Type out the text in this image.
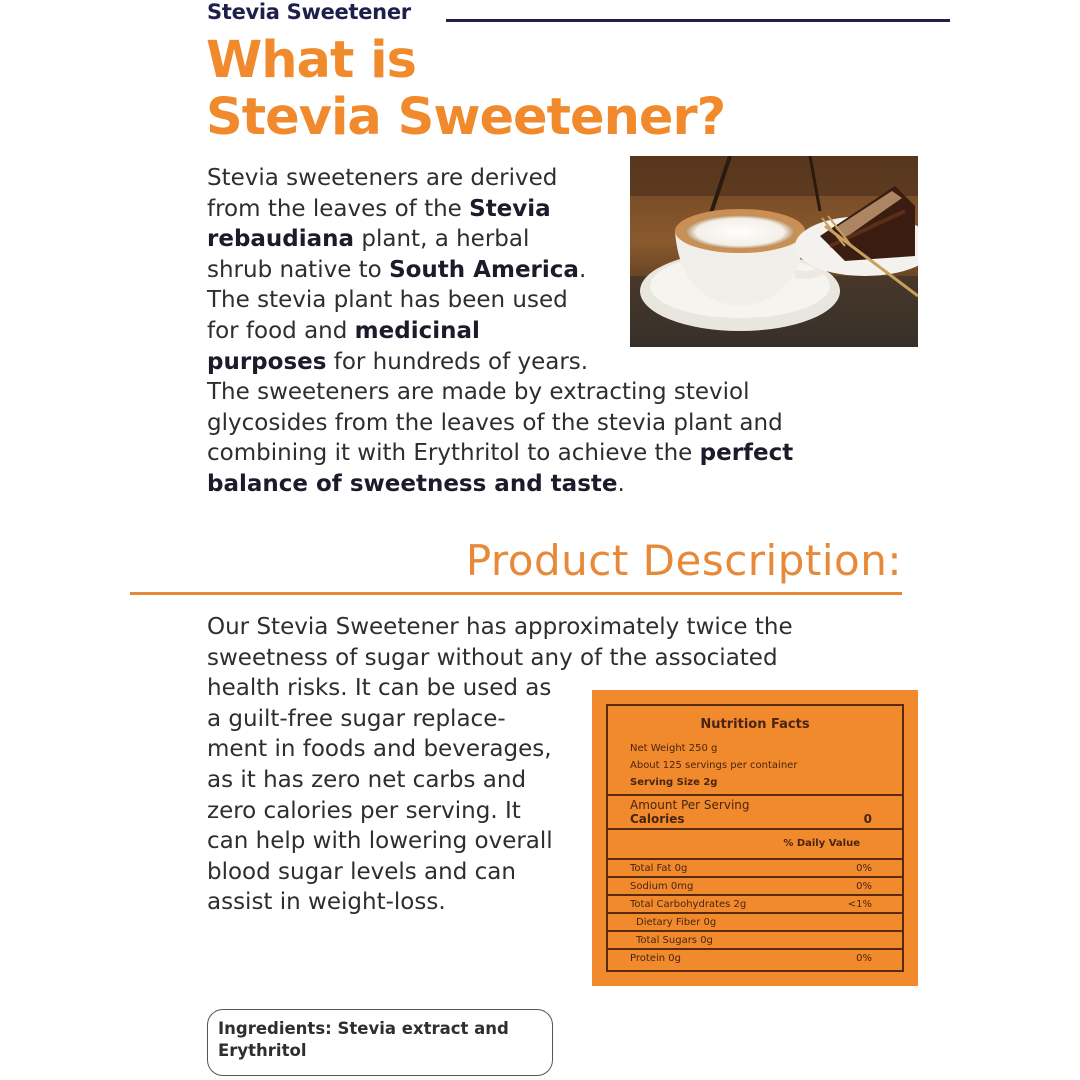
Stevia Sweetener
What is
Stevia Sweetener?
Stevia sweeteners are derived
from the leaves of the Stevia
rebaudiana plant, a herbal
shrub native to South America.
The stevia plant has been used
for food and medicinal
purposes for hundreds of years.
The sweeteners are made by extracting steviol
glycosides from the leaves of the stevia plant and
combining it with Erythritol to achieve the perfect
balance of sweetness and taste.
Product Description:
Our Stevia Sweetener has approximately twice the
sweetness of sugar without any of the associated
health risks. It can be used as
a guilt-free sugar replace-
ment in foods and beverages,
as it has zero net carbs and
zero calories per serving. It
can help with lowering overall
blood sugar levels and can
assist in weight-loss.
Nutrition Facts
Net Weight 250 g
About 125 servings per container
Serving Size 2g
Amount Per Serving
Calories	0
% Daily Value
Total Fat 0g	0%
Sodium 0mg	0%
Total Carbohydrates 2g	<1%
Dietary Fiber 0g
Total Sugars 0g
Protein 0g	0%
Ingredients: Stevia extract and Erythritol
